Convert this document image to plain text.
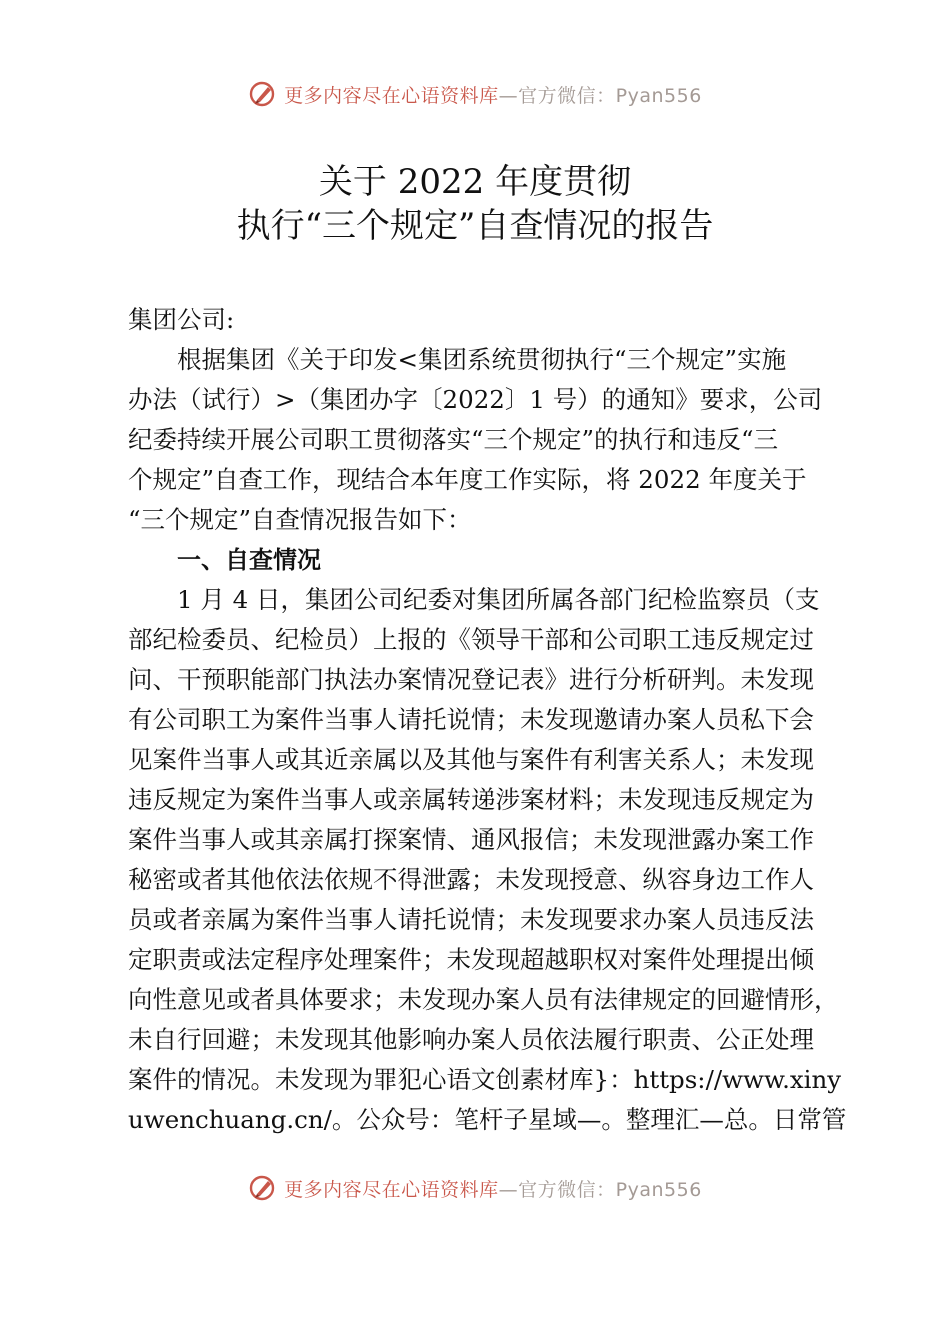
更多内容尽在心语资料库—官方微信：Pyan556
关于 2022 年度贯彻
执行“三个规定”自查情况的报告
集团公司:
根据集团《关于印发<集团系统贯彻执行“三个规定”实施
办法（试行）>（集团办字〔2022〕1 号）的通知》要求，公司
纪委持续开展公司职工贯彻落实“三个规定”的执行和违反“三
个规定”自查工作，现结合本年度工作实际，将 2022 年度关于
“三个规定”自查情况报告如下：
一、自查情况
1 月 4 日，集团公司纪委对集团所属各部门纪检监察员（支
部纪检委员、纪检员）上报的《领导干部和公司职工违反规定过
问、干预职能部门执法办案情况登记表》进行分析研判。未发现
有公司职工为案件当事人请托说情；未发现邀请办案人员私下会
见案件当事人或其近亲属以及其他与案件有利害关系人；未发现
违反规定为案件当事人或亲属转递涉案材料；未发现违反规定为
案件当事人或其亲属打探案情、通风报信；未发现泄露办案工作
秘密或者其他依法依规不得泄露；未发现授意、纵容身边工作人
员或者亲属为案件当事人请托说情；未发现要求办案人员违反法
定职责或法定程序处理案件；未发现超越职权对案件处理提出倾
向性意见或者具体要求；未发现办案人员有法律规定的回避情形，
未自行回避；未发现其他影响办案人员依法履行职责、公正处理
案件的情况。未发现为罪犯心语文创素材库}：https://www.xiny
uwenchuang.cn/。公众号：笔杆子星域—。整理汇—总。日常管
更多内容尽在心语资料库—官方微信：Pyan556
